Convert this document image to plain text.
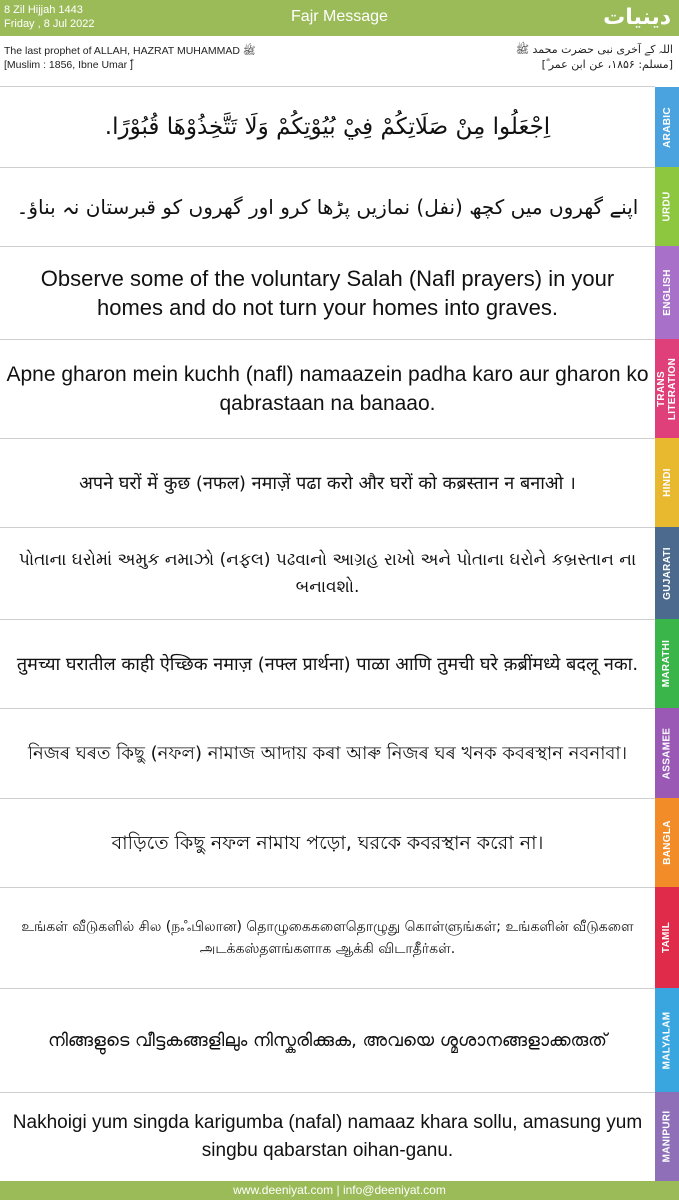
8 Zil Hijjah 1443
Friday , 8 Jul 2022	Fajr Message	دینیات
The last prophet of ALLAH, HAZRAT MUHAMMAD ﷺ
[Muslim : 1856, Ibne Umar ؓ]
اللہ کے آخری نبی حضرت محمد ﷺ
[مسلم: ۱۸۵۶، عن ابن عمر ؓ]
اِجْعَلُوا مِنْ صَلَاتِكُمْ فِيْ بُيُوْتِكُمْ وَلَا تَتَّخِذُوْهَا قُبُوْرًا.
اپنے گھروں میں کچھ (نفل) نمازیں پڑھا کرو اور گھروں کو قبرستان نہ بناؤ۔
Observe some of the voluntary Salah (Nafl prayers) in your homes and do not turn your homes into graves.
Apne gharon mein kuchh (nafl) namaazein padha karo aur gharon ko qabrastaan na banaao.
अपने घरों में कुछ (नफल) नमाज़ें पढा करो और घरों को कब्रस्तान न बनाओ ।
પોતાના ઘરોમાં અમુક નમાઝો (નફલ) પઢવાનો આગ્રહ રાખો અને પોતાના ઘરોને કબ્રસ્તાન ના બનાવશો.
तुमच्या घरातील काही ऐच्छिक नमाज़ (नफ्ल प्रार्थना) पाळा आणि तुमची घरे क़ब्रींमध्ये बदलू नका.
নিজৰ ঘৰত কিছু (নফল) নামাজ আদায় কৰা আৰু নিজৰ ঘৰ খনক কবৰস্থান নবনাবা।
বাড়িতে কিছু নফল নামায পড়ো, ঘরকে কবরস্থান করো না।
உங்கள் வீடுகளில் சில (நஃபிலான) தொழுகைகளைதொழுது கொள்ளுங்கள்; உங்களின் வீடுகளை அடக்கஸ்தளங்களாக ஆக்கி விடாதீர்கள்.
നിങ്ങളുടെ വീട്ടകങ്ങളിലും നിസ്കരിക്കുക, അവയെ ശ്മശാനങ്ങളാക്കരുത്
Nakhoigi yum singda karigumba (nafal) namaaz khara sollu, amasung yum singbu qabarstan oihan-ganu.
ARABIC
URDU
ENGLISH
TRANS LITERATION
HINDI
GUJARATI
MARATHI
ASSAMEE
BANGLA
TAMIL
MALYALAM
MANIPURI
www.deeniyat.com | info@deeniyat.com
